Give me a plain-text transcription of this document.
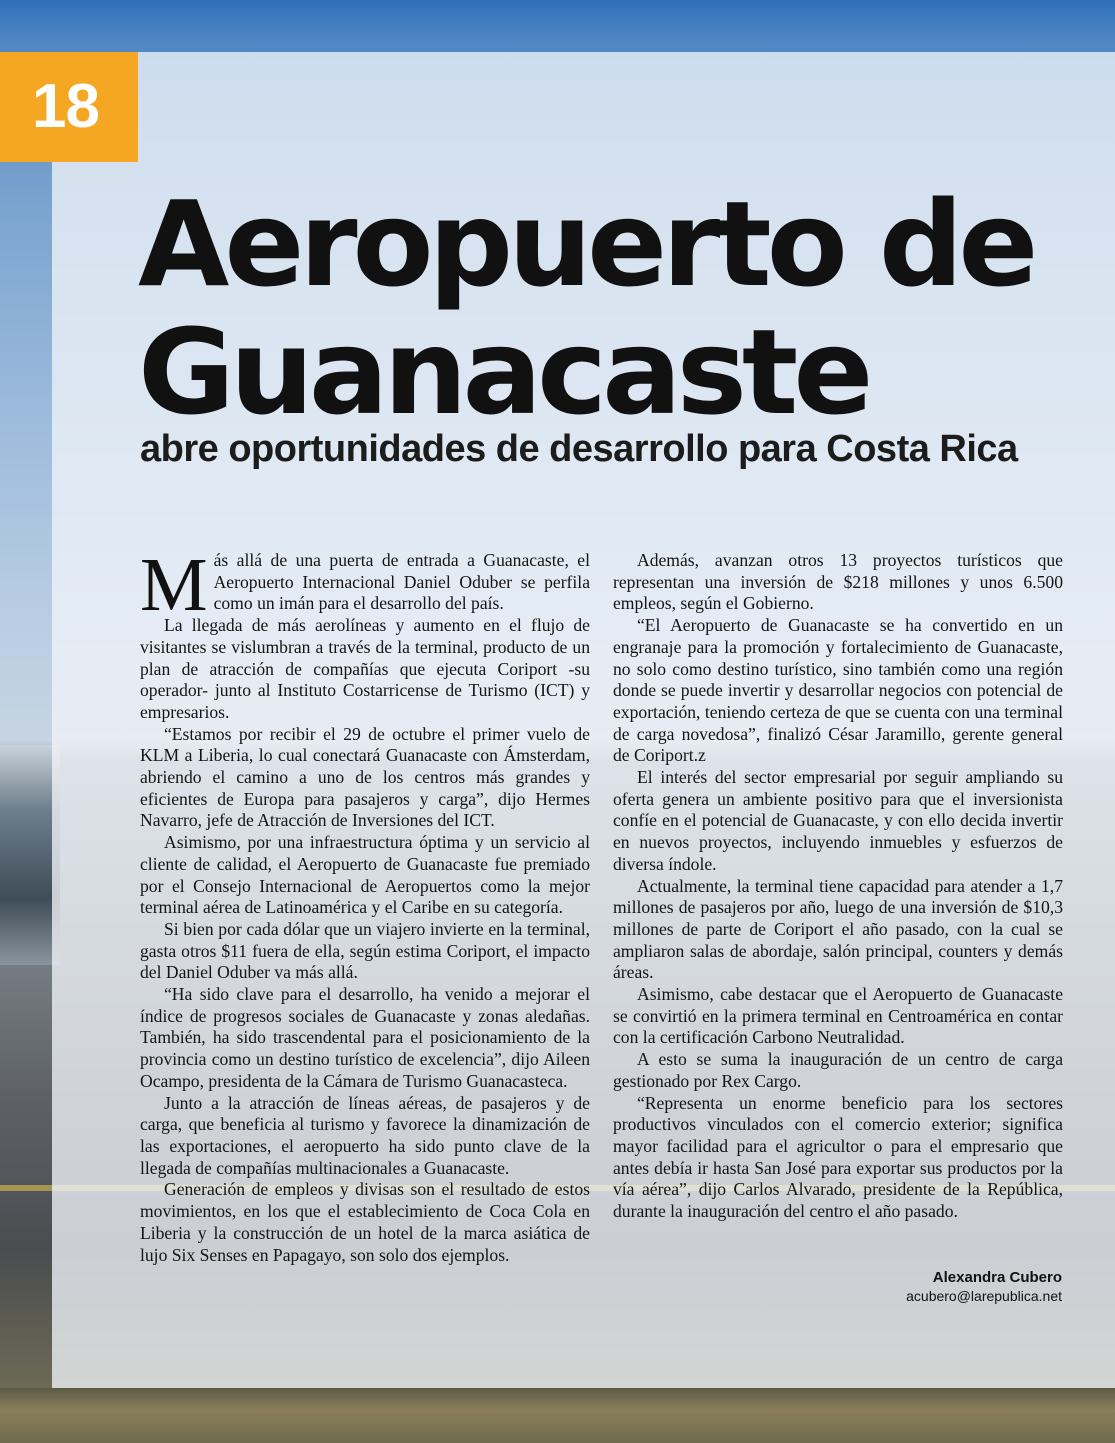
18
Aeropuerto de Guanacaste
abre oportunidades de desarrollo para Costa Rica

Más allá de una puerta de entrada a Guanacaste, el Aeropuerto Internacional Daniel Oduber se perfila como un imán para el desarrollo del país.

La llegada de más aerolíneas y aumento en el flujo de visitantes se vislumbran a través de la terminal, producto de un plan de atracción de compañías que ejecuta Coriport -su operador- junto al Instituto Costarricense de Turismo (ICT) y empresarios.

“Estamos por recibir el 29 de octubre el primer vuelo de KLM a Liberia, lo cual conectará Guanacaste con Ámsterdam, abriendo el camino a uno de los centros más grandes y eficientes de Europa para pasajeros y carga”, dijo Hermes Navarro, jefe de Atracción de Inversiones del ICT.

Asimismo, por una infraestructura óptima y un servicio al cliente de calidad, el Aeropuerto de Guanacaste fue premiado por el Consejo Internacional de Aeropuertos como la mejor terminal aérea de Latinoamérica y el Caribe en su categoría.

Si bien por cada dólar que un viajero invierte en la terminal, gasta otros $11 fuera de ella, según estima Coriport, el impacto del Daniel Oduber va más allá.

“Ha sido clave para el desarrollo, ha venido a mejorar el índice de progresos sociales de Guanacaste y zonas aledañas. También, ha sido trascendental para el posicionamiento de la provincia como un destino turístico de excelencia”, dijo Aileen Ocampo, presidenta de la Cámara de Turismo Guanacasteca.

Junto a la atracción de líneas aéreas, de pasajeros y de carga, que beneficia al turismo y favorece la dinamización de las exportaciones, el aeropuerto ha sido punto clave de la llegada de compañías multinacionales a Guanacaste.

Generación de empleos y divisas son el resultado de estos movimientos, en los que el establecimiento de Coca Cola en Liberia y la construcción de un hotel de la marca asiática de lujo Six Senses en Papagayo, son solo dos ejemplos.

Además, avanzan otros 13 proyectos turísticos que representan una inversión de $218 millones y unos 6.500 empleos, según el Gobierno.

“El Aeropuerto de Guanacaste se ha convertido en un engranaje para la promoción y fortalecimiento de Guanacaste, no solo como destino turístico, sino también como una región donde se puede invertir y desarrollar negocios con potencial de exportación, teniendo certeza de que se cuenta con una terminal de carga novedosa”, finalizó César Jaramillo, gerente general de Coriport.z

El interés del sector empresarial por seguir ampliando su oferta genera un ambiente positivo para que el inversionista confíe en el potencial de Guanacaste, y con ello decida invertir en nuevos proyectos, incluyendo inmuebles y esfuerzos de diversa índole.

Actualmente, la terminal tiene capacidad para atender a 1,7 millones de pasajeros por año, luego de una inversión de $10,3 millones de parte de Coriport el año pasado, con la cual se ampliaron salas de abordaje, salón principal, counters y demás áreas.

Asimismo, cabe destacar que el Aeropuerto de Guanacaste se convirtió en la primera terminal en Centroamérica en contar con la certificación Carbono Neutralidad.

A esto se suma la inauguración de un centro de carga gestionado por Rex Cargo.

“Representa un enorme beneficio para los sectores productivos vinculados con el comercio exterior; significa mayor facilidad para el agricultor o para el empresario que antes debía ir hasta San José para exportar sus productos por la vía aérea”, dijo Carlos Alvarado, presidente de la República, durante la inauguración del centro el año pasado.

Alexandra Cubero
acubero@larepublica.net
